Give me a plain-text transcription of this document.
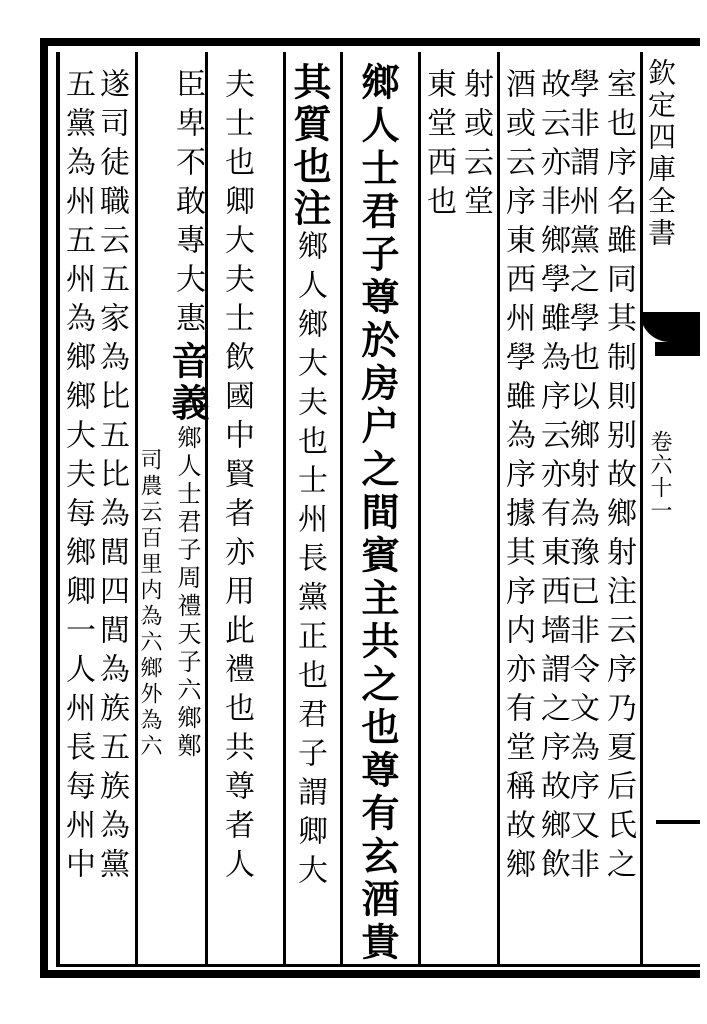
欽定四庫全書
卷六十一
室也序名雖同其制則别故鄉射注云序乃夏后氏之
學非謂州黨之學也以鄉射為豫已非令文為序又非
故云亦非鄉學雖為序云亦有東西墻謂之序故鄉飲
酒或云序東西州學雖為序據其序内亦有堂稱故鄉
射或云堂
東堂西也
鄉人士君子尊於房户之間賓主共之也尊有玄酒貴
其質也注鄉人鄉大夫也士州長黨正也君子謂卿大
夫士也卿大夫士飲國中賢者亦用此禮也共尊者人
臣卑不敢專大惠音義鄉人士君子周禮天子六鄉鄭
司農云百里内為六鄉外為六
遂司徒職云五家為比五比為閭四閭為族五族為黨
五黨為州五州為鄉鄉大夫每鄉卿一人州長每州中
